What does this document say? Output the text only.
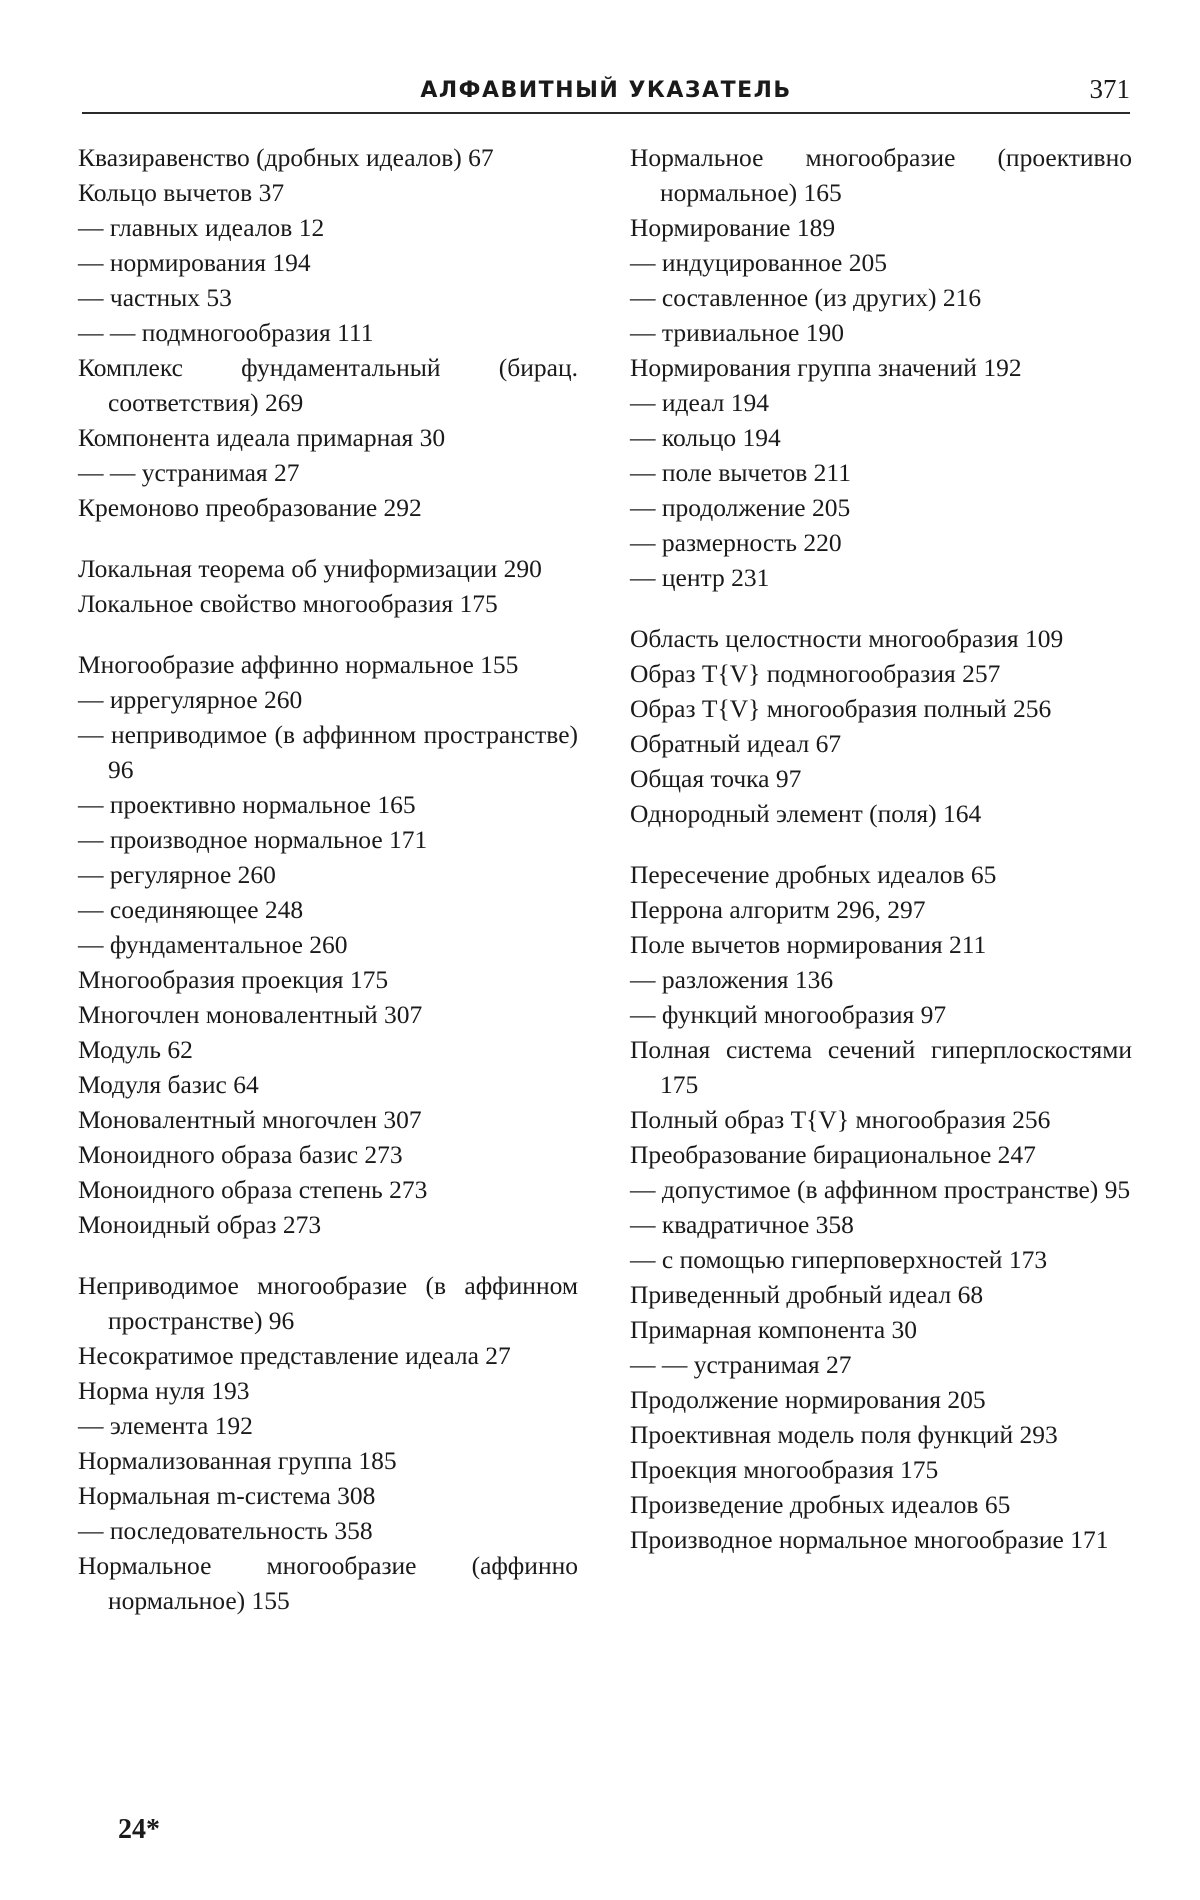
АЛФАВИТНЫЙ УКАЗАТЕЛЬ	371
Квазиравенство (дробных идеалов) 67
Кольцо вычетов 37
— главных идеалов 12
— нормирования 194
— частных 53
— — подмногообразия 111
Комплекс фундаментальный (бирац. соответствия) 269
Компонента идеала примарная 30
— — устранимая 27
Кремоново преобразование 292
Локальная теорема об униформизации 290
Локальное свойство многообразия 175
Многообразие аффинно нормальное 155
— иррегулярное 260
— неприводимое (в аффинном пространстве) 96
— проективно нормальное 165
— производное нормальное 171
— регулярное 260
— соединяющее 248
— фундаментальное 260
Многообразия проекция 175
Многочлен моновалентный 307
Модуль 62
Модуля базис 64
Моновалентный многочлен 307
Моноидного образа базис 273
Моноидного образа степень 273
Моноидный образ 273
Неприводимое многообразие (в аффинном пространстве) 96
Несократимое представление идеала 27
Норма нуля 193
— элемента 192
Нормализованная группа 185
Нормальная m-система 308
— последовательность 358
Нормальное многообразие (аффинно нормальное) 155
Нормальное многообразие (проективно нормальное) 165
Нормирование 189
— индуцированное 205
— составленное (из других) 216
— тривиальное 190
Нормирования группа значений 192
— идеал 194
— кольцо 194
— поле вычетов 211
— продолжение 205
— размерность 220
— центр 231
Область целостности многообразия 109
Образ T{V} подмногообразия 257
Образ T{V} многообразия полный 256
Обратный идеал 67
Общая точка 97
Однородный элемент (поля) 164
Пересечение дробных идеалов 65
Перрона алгоритм 296, 297
Поле вычетов нормирования 211
— разложения 136
— функций многообразия 97
Полная система сечений гиперплоскостями 175
Полный образ T{V} многообразия 256
Преобразование бирациональное 247
— допустимое (в аффинном пространстве) 95
— квадратичное 358
— с помощью гиперповерхностей 173
Приведенный дробный идеал 68
Примарная компонента 30
— — устранимая 27
Продолжение нормирования 205
Проективная модель поля функций 293
Проекция многообразия 175
Произведение дробных идеалов 65
Производное нормальное многообразие 171
24*
